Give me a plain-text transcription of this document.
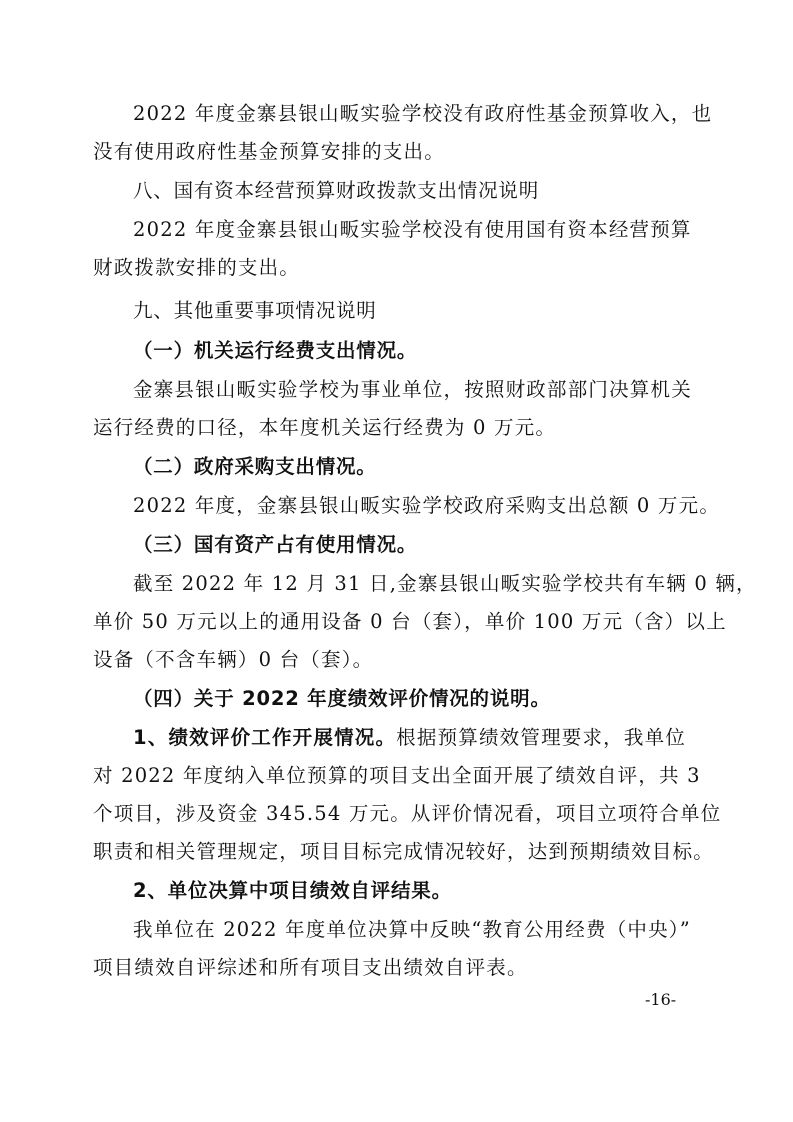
2022 年度金寨县银山畈实验学校没有政府性基金预算收入，也
没有使用政府性基金预算安排的支出。
八、国有资本经营预算财政拨款支出情况说明
2022 年度金寨县银山畈实验学校没有使用国有资本经营预算
财政拨款安排的支出。
九、其他重要事项情况说明
（一）机关运行经费支出情况。
金寨县银山畈实验学校为事业单位，按照财政部部门决算机关
运行经费的口径，本年度机关运行经费为 0 万元。
（二）政府采购支出情况。
2022 年度，金寨县银山畈实验学校政府采购支出总额 0 万元。
（三）国有资产占有使用情况。
截至 2022 年 12 月 31 日,金寨县银山畈实验学校共有车辆 0 辆，
单价 50 万元以上的通用设备 0 台（套），单价 100 万元（含）以上
设备（不含车辆）0 台（套）。
（四）关于 2022 年度绩效评价情况的说明。
1、绩效评价工作开展情况。根据预算绩效管理要求，我单位
对 2022 年度纳入单位预算的项目支出全面开展了绩效自评，共 3
个项目，涉及资金 345.54 万元。从评价情况看，项目立项符合单位
职责和相关管理规定，项目目标完成情况较好，达到预期绩效目标。
2、单位决算中项目绩效自评结果。
我单位在 2022 年度单位决算中反映“教育公用经费（中央）”
项目绩效自评综述和所有项目支出绩效自评表。
-16-
